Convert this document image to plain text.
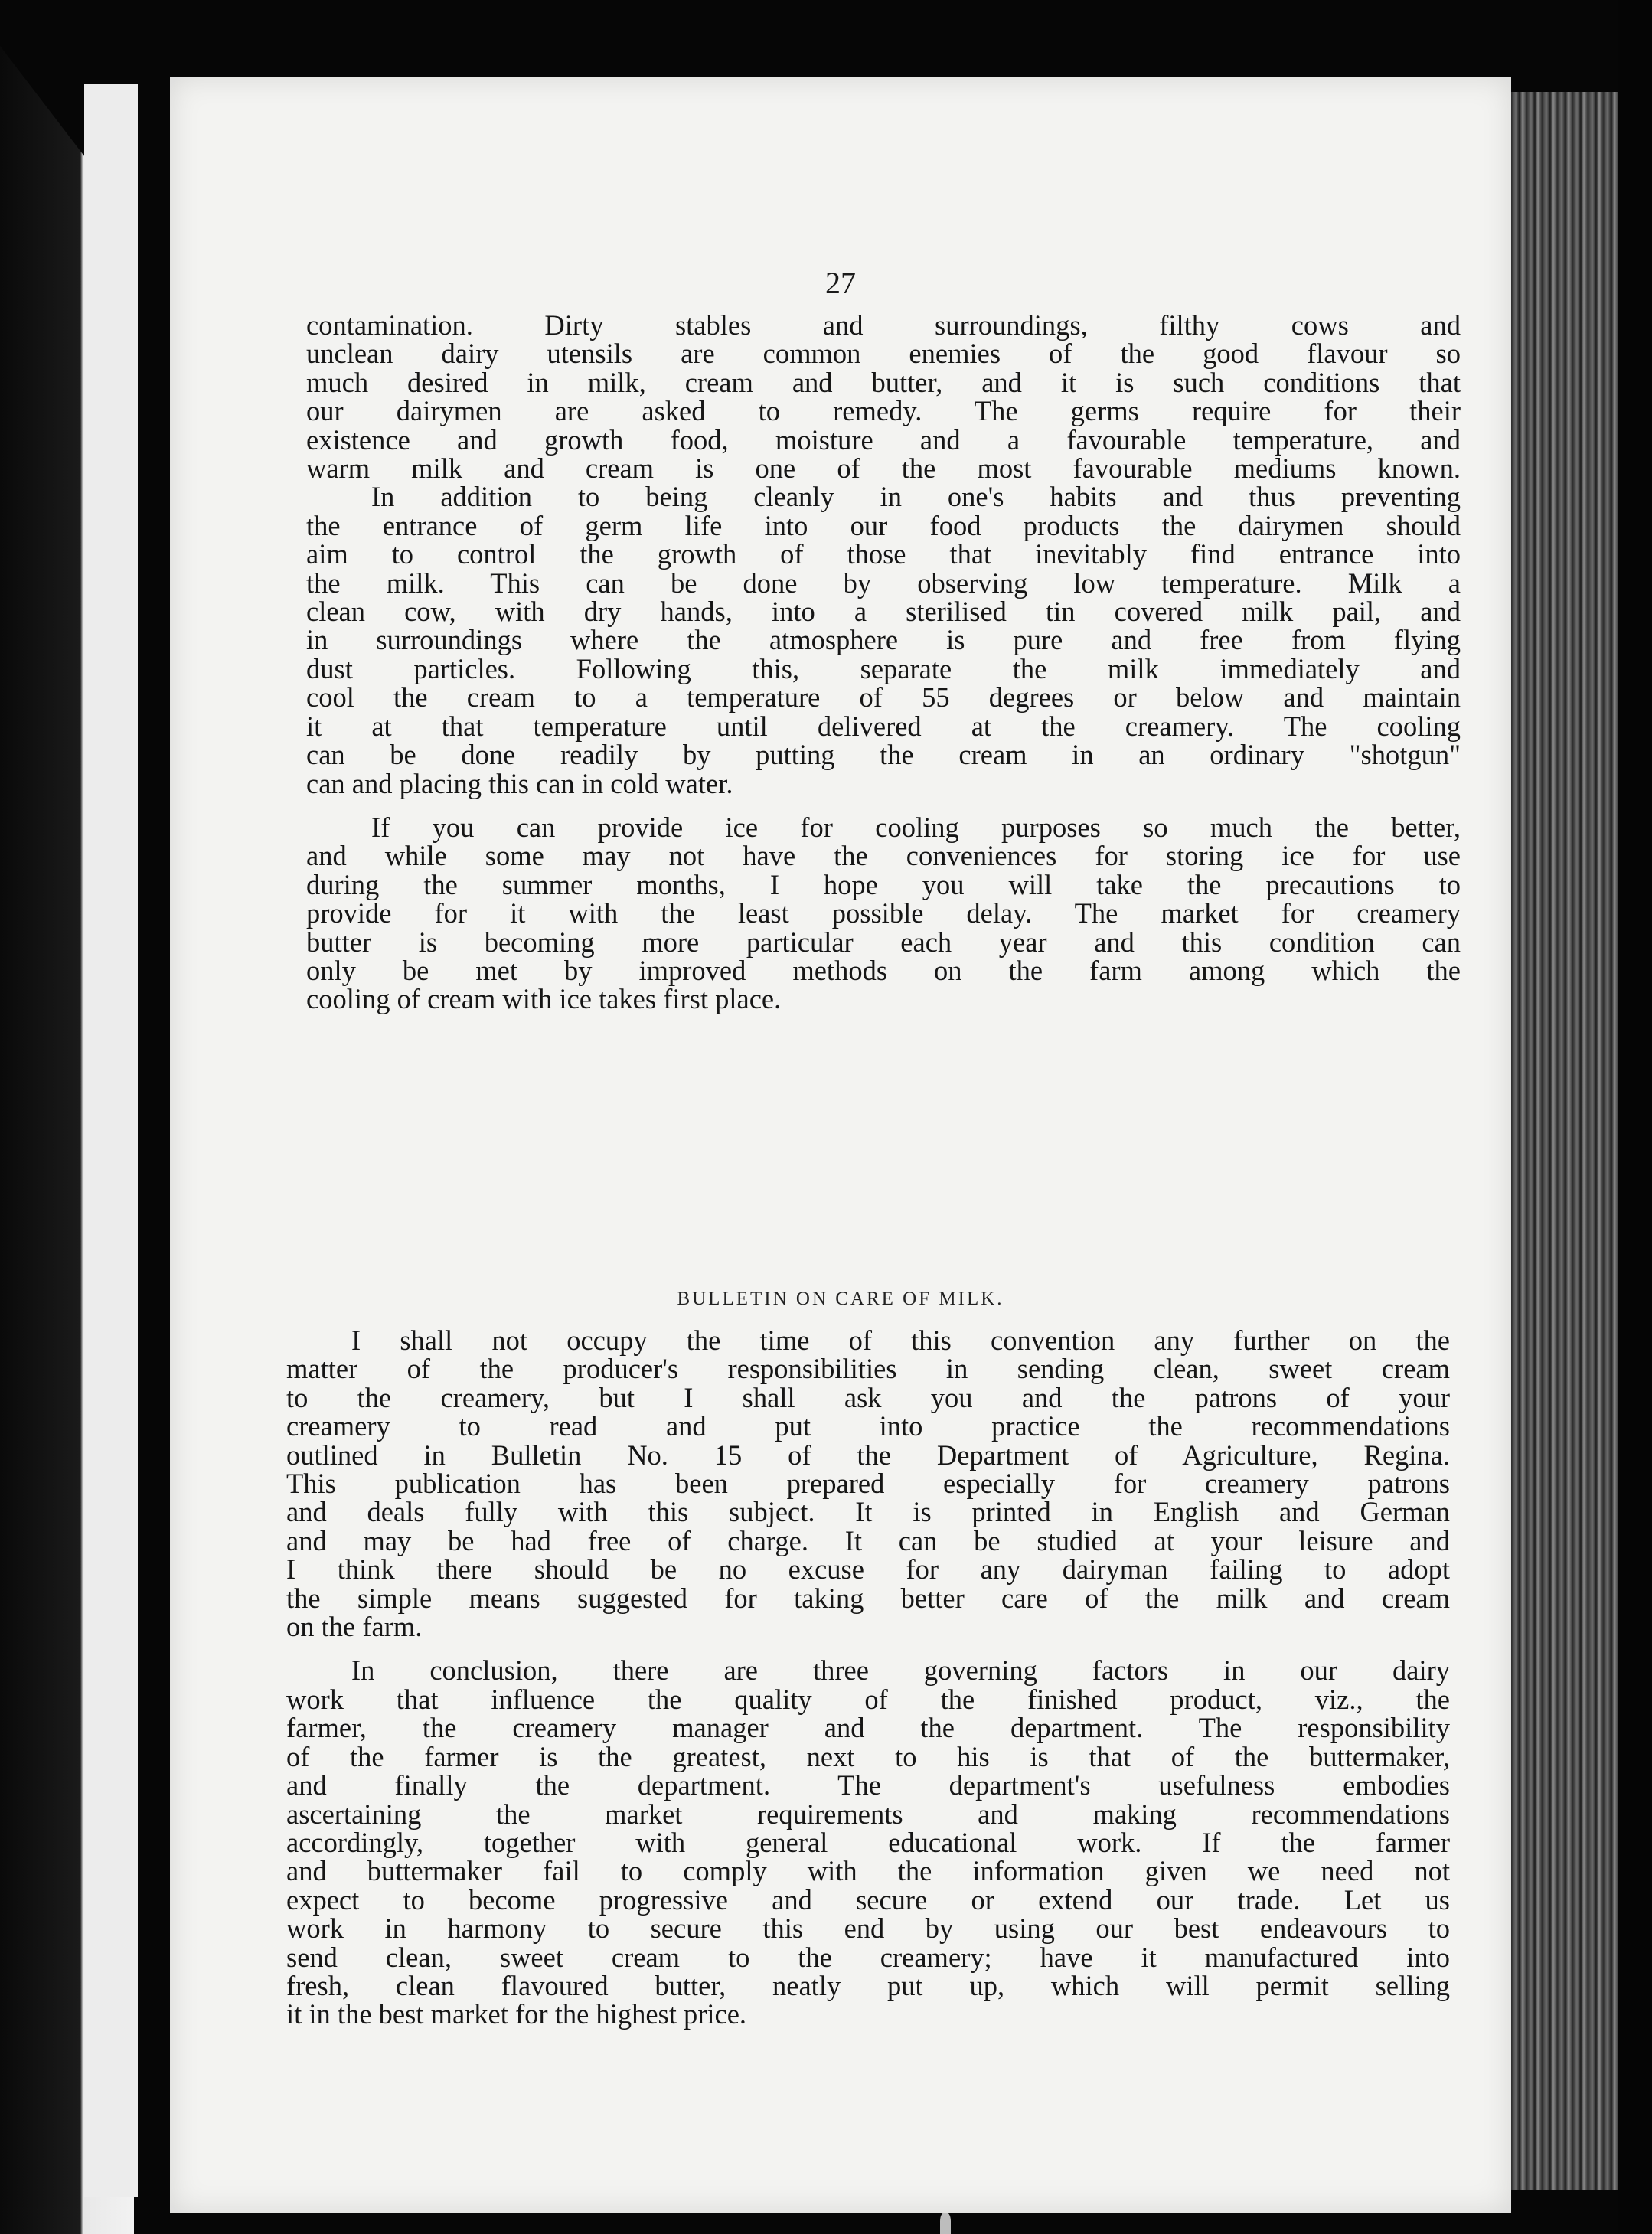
27
contamination. Dirty stables and surroundings, filthy cows and
unclean dairy utensils are common enemies of the good flavour so
much desired in milk, cream and butter, and it is such conditions that
our dairymen are asked to remedy. The germs require for their
existence and growth food, moisture and a favourable temperature, and
warm milk and cream is one of the most favourable mediums known.
In addition to being cleanly in one's habits and thus preventing
the entrance of germ life into our food products the dairymen should
aim to control the growth of those that inevitably find entrance into
the milk. This can be done by observing low temperature. Milk a
clean cow, with dry hands, into a sterilised tin covered milk pail, and
in surroundings where the atmosphere is pure and free from flying
dust particles. Following this, separate the milk immediately and
cool the cream to a temperature of 55 degrees or below and maintain
it at that temperature until delivered at the creamery. The cooling
can be done readily by putting the cream in an ordinary "shotgun"
can and placing this can in cold water.
If you can provide ice for cooling purposes so much the better,
and while some may not have the conveniences for storing ice for use
during the summer months, I hope you will take the precautions to
provide for it with the least possible delay. The market for creamery
butter is becoming more particular each year and this condition can
only be met by improved methods on the farm among which the
cooling of cream with ice takes first place.
BULLETIN ON CARE OF MILK.
I shall not occupy the time of this convention any further on the
matter of the producer's responsibilities in sending clean, sweet cream
to the creamery, but I shall ask you and the patrons of your
creamery to read and put into practice the recommendations
outlined in Bulletin No. 15 of the Department of Agriculture, Regina.
This publication has been prepared especially for creamery patrons
and deals fully with this subject. It is printed in English and German
and may be had free of charge. It can be studied at your leisure and
I think there should be no excuse for any dairyman failing to adopt
the simple means suggested for taking better care of the milk and cream
on the farm.
In conclusion, there are three governing factors in our dairy
work that influence the quality of the finished product, viz., the
farmer, the creamery manager and the department. The responsibility
of the farmer is the greatest, next to his is that of the buttermaker,
and finally the department. The department's usefulness embodies
ascertaining the market requirements and making recommendations
accordingly, together with general educational work. If the farmer
and buttermaker fail to comply with the information given we need not
expect to become progressive and secure or extend our trade. Let us
work in harmony to secure this end by using our best endeavours to
send clean, sweet cream to the creamery; have it manufactured into
fresh, clean flavoured butter, neatly put up, which will permit selling
it in the best market for the highest price.
